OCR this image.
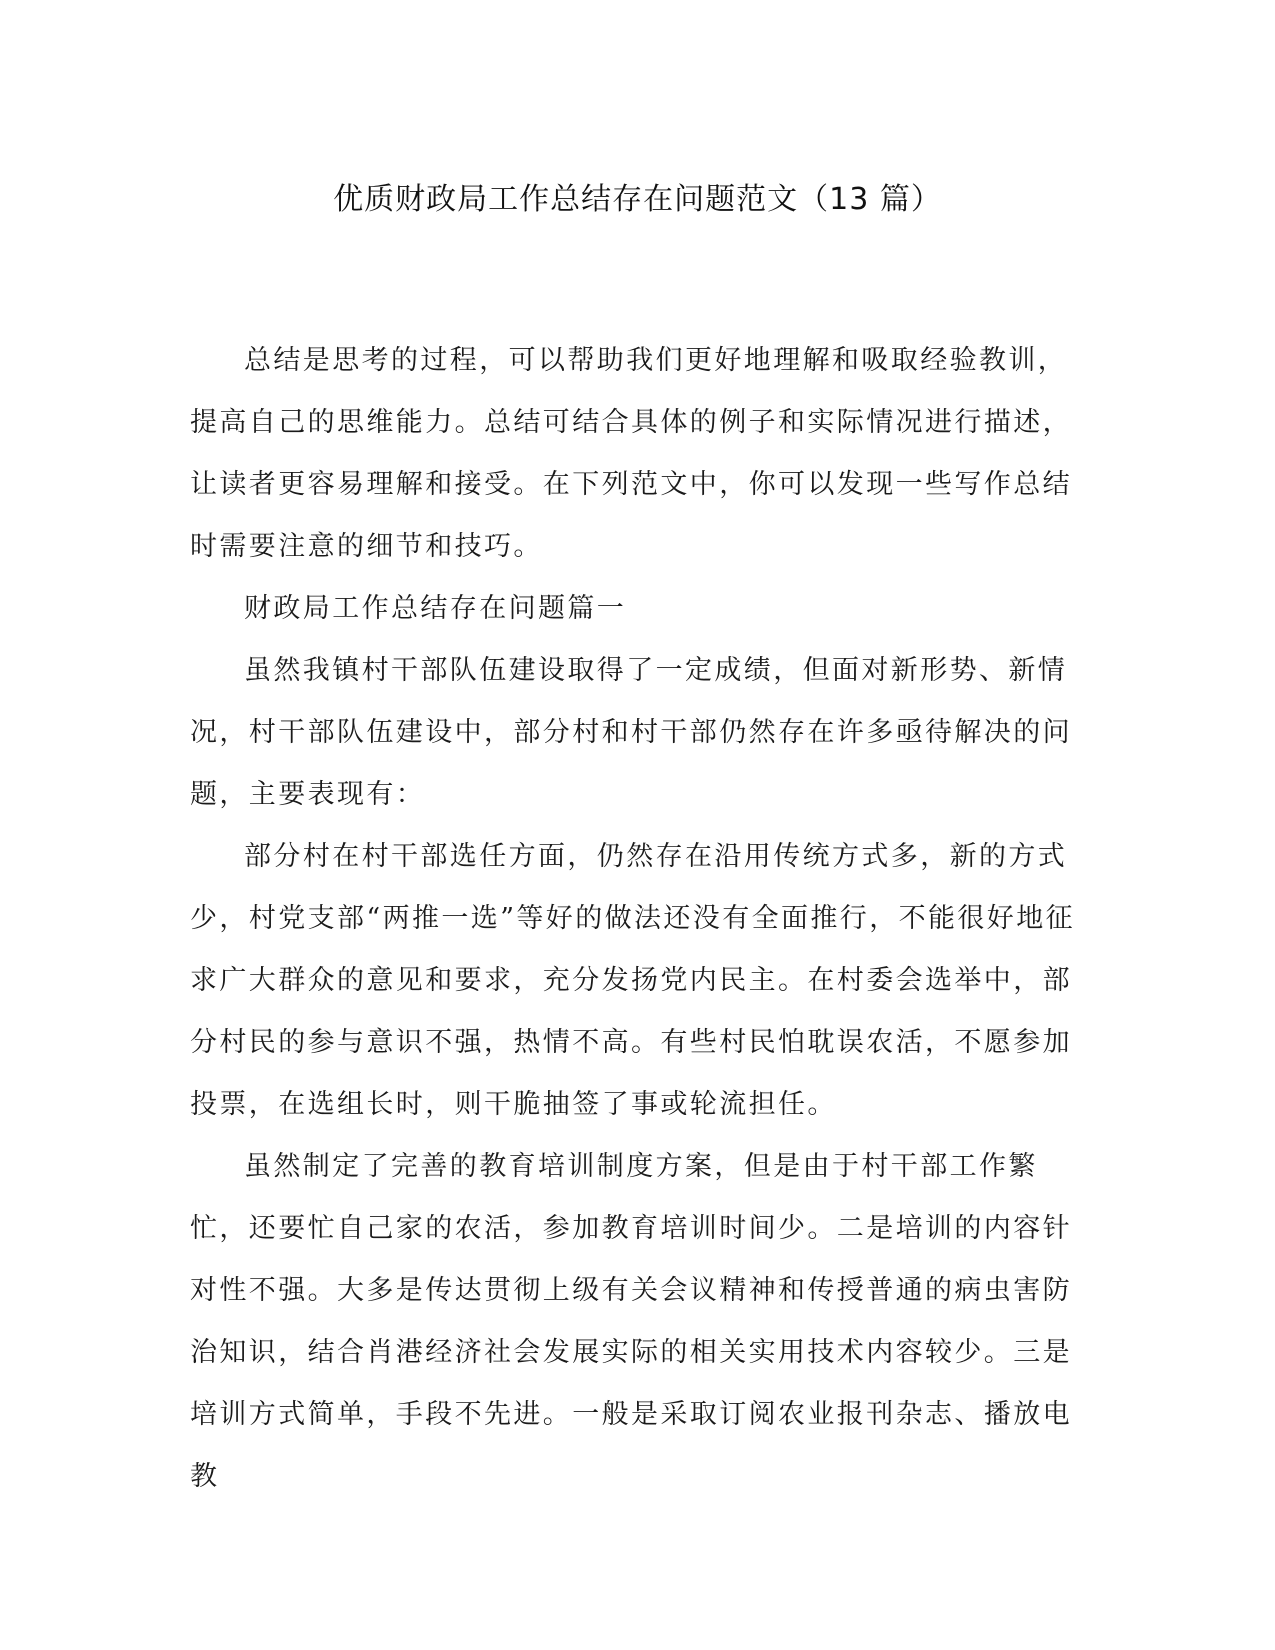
优质财政局工作总结存在问题范文（13 篇）

总结是思考的过程，可以帮助我们更好地理解和吸取经验教训，提高自己的思维能力。总结可结合具体的例子和实际情况进行描述，让读者更容易理解和接受。在下列范文中，你可以发现一些写作总结时需要注意的细节和技巧。

财政局工作总结存在问题篇一

虽然我镇村干部队伍建设取得了一定成绩，但面对新形势、新情况，村干部队伍建设中，部分村和村干部仍然存在许多亟待解决的问题，主要表现有：

部分村在村干部选任方面，仍然存在沿用传统方式多，新的方式少，村党支部“两推一选”等好的做法还没有全面推行，不能很好地征求广大群众的意见和要求，充分发扬党内民主。在村委会选举中，部分村民的参与意识不强，热情不高。有些村民怕耽误农活，不愿参加投票，在选组长时，则干脆抽签了事或轮流担任。

虽然制定了完善的教育培训制度方案，但是由于村干部工作繁忙，还要忙自己家的农活，参加教育培训时间少。二是培训的内容针对性不强。大多是传达贯彻上级有关会议精神和传授普通的病虫害防治知识，结合肖港经济社会发展实际的相关实用技术内容较少。三是培训方式简单，手段不先进。一般是采取订阅农业报刊杂志、播放电教
